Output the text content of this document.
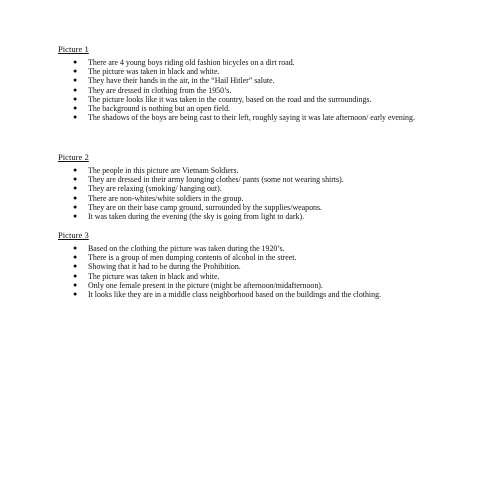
Picture 1
● There are 4 young boys riding old fashion bicycles on a dirt road.
● The picture was taken in black and white.
● They have their hands in the air, in the “Hail Hitler” salute.
● They are dressed in clothing from the 1950’s.
● The picture looks like it was taken in the country, based on the road and the surroundings.
● The background is nothing but an open field.
● The shadows of the boys are being cast to their left, roughly saying it was late afternoon/ early evening.
Picture 2
● The people in this picture are Vietnam Soldiers.
● They are dressed in their army lounging clothes/ pants (some not wearing shirts).
● They are relaxing (smoking/ hanging out).
● There are non-whites/white soldiers in the group.
● They are on their base camp ground, surrounded by the supplies/weapons.
● It was taken during the evening (the sky is going from light to dark).
Picture 3
● Based on the clothing the picture was taken during the 1920’s.
● There is a group of men dumping contents of alcohol in the street.
● Showing that it had to be during the Prohibition.
● The picture was taken in black and white.
● Only one female present in the picture (might be afternoon/midafternoon).
● It looks like they are in a middle class neighborhood based on the buildings and the clothing.
